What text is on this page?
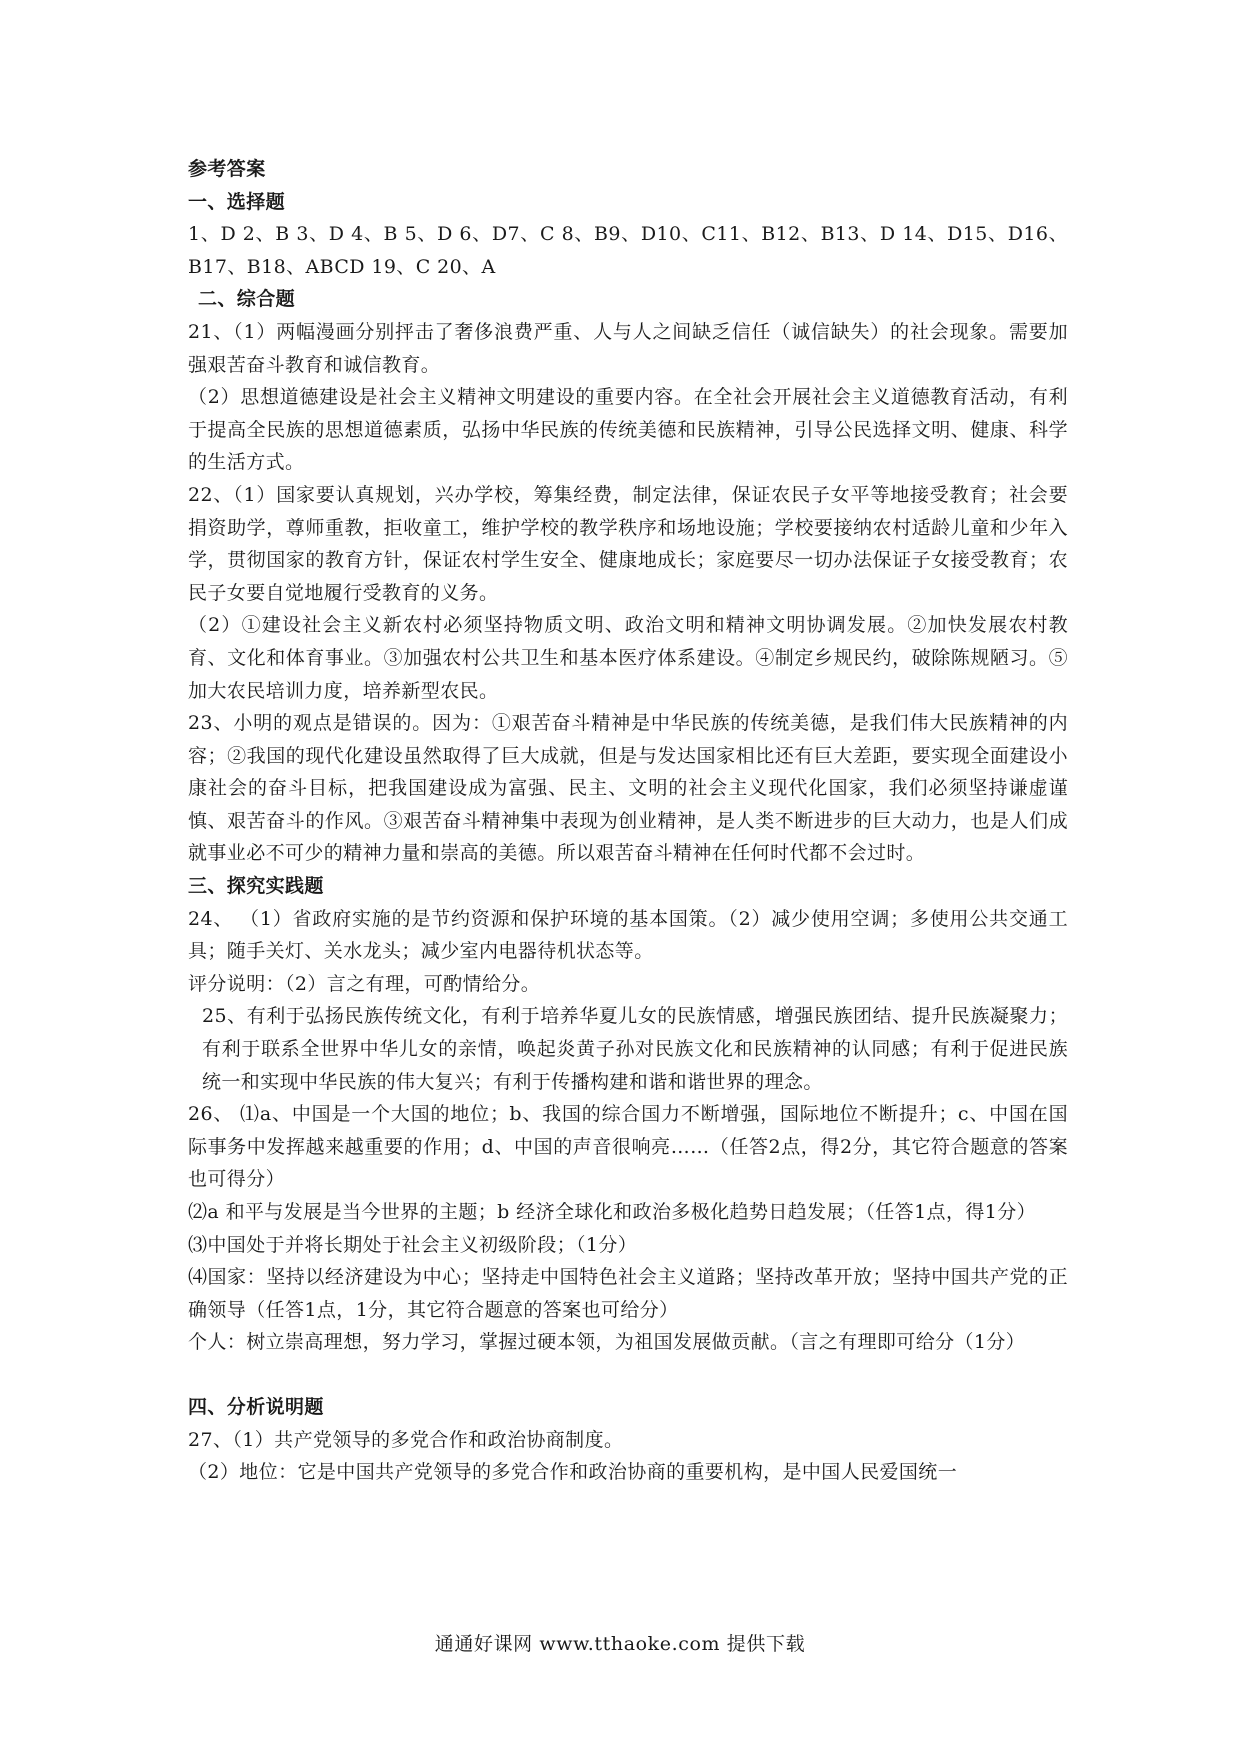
参考答案

一、选择题

1、D 2、B 3、D 4、B 5、D 6、D7、C 8、B9、D10、C11、B12、B13、D 14、D15、D16、 B17、B18、ABCD 19、C 20、A

二、综合题

21、（1）两幅漫画分别抨击了奢侈浪费严重、人与人之间缺乏信任（诚信缺失）的社会现象。需要加强艰苦奋斗教育和诚信教育。

（2）思想道德建设是社会主义精神文明建设的重要内容。在全社会开展社会主义道德教育活动，有利于提高全民族的思想道德素质，弘扬中华民族的传统美德和民族精神，引导公民选择文明、健康、科学的生活方式。

22、（1）国家要认真规划，兴办学校，筹集经费，制定法律，保证农民子女平等地接受教育；社会要捐资助学，尊师重教，拒收童工，维护学校的教学秩序和场地设施；学校要接纳农村适龄儿童和少年入学，贯彻国家的教育方针，保证农村学生安全、健康地成长；家庭要尽一切办法保证子女接受教育；农民子女要自觉地履行受教育的义务。

（2）①建设社会主义新农村必须坚持物质文明、政治文明和精神文明协调发展。②加快发展农村教育、文化和体育事业。③加强农村公共卫生和基本医疗体系建设。④制定乡规民约，破除陈规陋习。⑤加大农民培训力度，培养新型农民。

23、小明的观点是错误的。因为：①艰苦奋斗精神是中华民族的传统美德，是我们伟大民族精神的内容；②我国的现代化建设虽然取得了巨大成就，但是与发达国家相比还有巨大差距，要实现全面建设小康社会的奋斗目标，把我国建设成为富强、民主、文明的社会主义现代化国家，我们必须坚持谦虚谨慎、艰苦奋斗的作风。③艰苦奋斗精神集中表现为创业精神，是人类不断进步的巨大动力，也是人们成就事业必不可少的精神力量和崇高的美德。所以艰苦奋斗精神在任何时代都不会过时。

三、探究实践题

24、 （1）省政府实施的是节约资源和保护环境的基本国策。（2）减少使用空调；多使用公共交通工具；随手关灯、关水龙头；减少室内电器待机状态等。

评分说明：（2）言之有理，可酌情给分。

25、有利于弘扬民族传统文化，有利于培养华夏儿女的民族情感，增强民族团结、提升民族凝聚力；有利于联系全世界中华儿女的亲情，唤起炎黄子孙对民族文化和民族精神的认同感；有利于促进民族统一和实现中华民族的伟大复兴；有利于传播构建和谐和谐世界的理念。

26、 ⑴a、中国是一个大国的地位；b、我国的综合国力不断增强，国际地位不断提升；c、中国在国际事务中发挥越来越重要的作用；d、中国的声音很响亮……（任答2点，得2分，其它符合题意的答案也可得分）

⑵a 和平与发展是当今世界的主题；b 经济全球化和政治多极化趋势日趋发展；（任答1点，得1分）

⑶中国处于并将长期处于社会主义初级阶段；（1分）

⑷国家：坚持以经济建设为中心；坚持走中国特色社会主义道路；坚持改革开放；坚持中国共产党的正确领导（任答1点，1分，其它符合题意的答案也可给分）

个人：树立崇高理想，努力学习，掌握过硬本领，为祖国发展做贡献。（言之有理即可给分（1分）

四、分析说明题

27、（1）共产党领导的多党合作和政治协商制度。

（2）地位：它是中国共产党领导的多党合作和政治协商的重要机构，是中国人民爱国统一

通通好课网 www.tthaoke.com 提供下载
